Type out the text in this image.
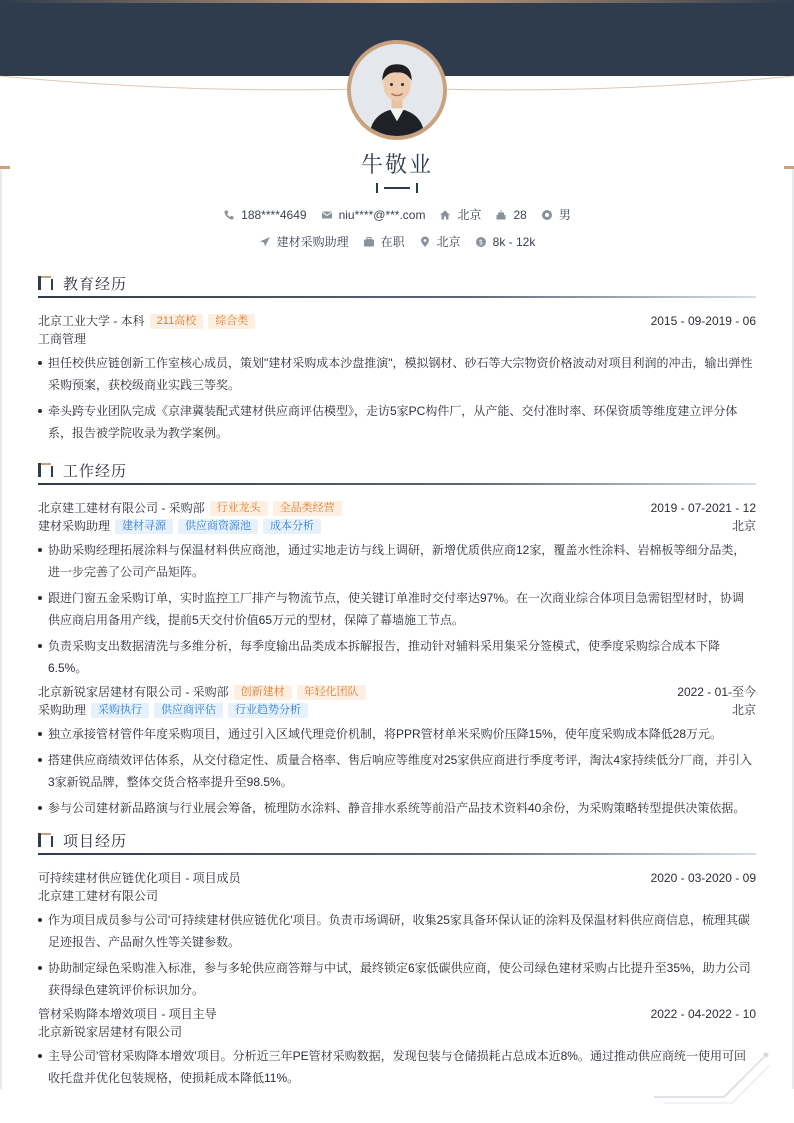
牛敬业
188****4649	niu****@***.com	北京	28	男
建材采购助理	在职	北京	$ 8k - 12k
教育经历
北京工业大学 - 本科	211高校	综合类	2015 - 09-2019 - 06
工商管理
担任校供应链创新工作室核心成员，策划"建材采购成本沙盘推演"，模拟钢材、砂石等大宗物资价格波动对项目利润的冲击，输出弹性采购预案，获校级商业实践三等奖。
牵头跨专业团队完成《京津冀装配式建材供应商评估模型》，走访5家PC构件厂，从产能、交付准时率、环保资质等维度建立评分体系，报告被学院收录为教学案例。
工作经历
北京建工建材有限公司 - 采购部	行业龙头	全品类经营	2019 - 07-2021 - 12
建材采购助理	建材寻源	供应商资源池	成本分析	北京
协助采购经理拓展涂料与保温材料供应商池，通过实地走访与线上调研，新增优质供应商12家，覆盖水性涂料、岩棉板等细分品类，进一步完善了公司产品矩阵。
跟进门窗五金采购订单，实时监控工厂排产与物流节点，使关键订单准时交付率达97%。在一次商业综合体项目急需铝型材时，协调供应商启用备用产线，提前5天交付价值65万元的型材，保障了幕墙施工节点。
负责采购支出数据清洗与多维分析，每季度输出品类成本拆解报告，推动针对辅料采用集采分签模式，使季度采购综合成本下降6.5%。
北京新锐家居建材有限公司 - 采购部	创新建材	年轻化团队	2022 - 01-至今
采购助理	采购执行	供应商评估	行业趋势分析	北京
独立承接管材管件年度采购项目，通过引入区域代理竞价机制，将PPR管材单米采购价压降15%，使年度采购成本降低28万元。
搭建供应商绩效评估体系，从交付稳定性、质量合格率、售后响应等维度对25家供应商进行季度考评，淘汰4家持续低分厂商，并引入3家新锐品牌，整体交货合格率提升至98.5%。
参与公司建材新品路演与行业展会筹备，梳理防水涂料、静音排水系统等前沿产品技术资料40余份，为采购策略转型提供决策依据。
项目经历
可持续建材供应链优化项目 - 项目成员	2020 - 03-2020 - 09
北京建工建材有限公司
作为项目成员参与公司'可持续建材供应链优化'项目。负责市场调研，收集25家具备环保认证的涂料及保温材料供应商信息，梳理其碳足迹报告、产品耐久性等关键参数。
协助制定绿色采购准入标准，参与多轮供应商答辩与中试，最终锁定6家低碳供应商，使公司绿色建材采购占比提升至35%，助力公司获得绿色建筑评价标识加分。
管材采购降本增效项目 - 项目主导	2022 - 04-2022 - 10
北京新锐家居建材有限公司
主导公司'管材采购降本增效'项目。分析近三年PE管材采购数据，发现包装与仓储损耗占总成本近8%。通过推动供应商统一使用可回收托盘并优化包装规格，使损耗成本降低11%。
